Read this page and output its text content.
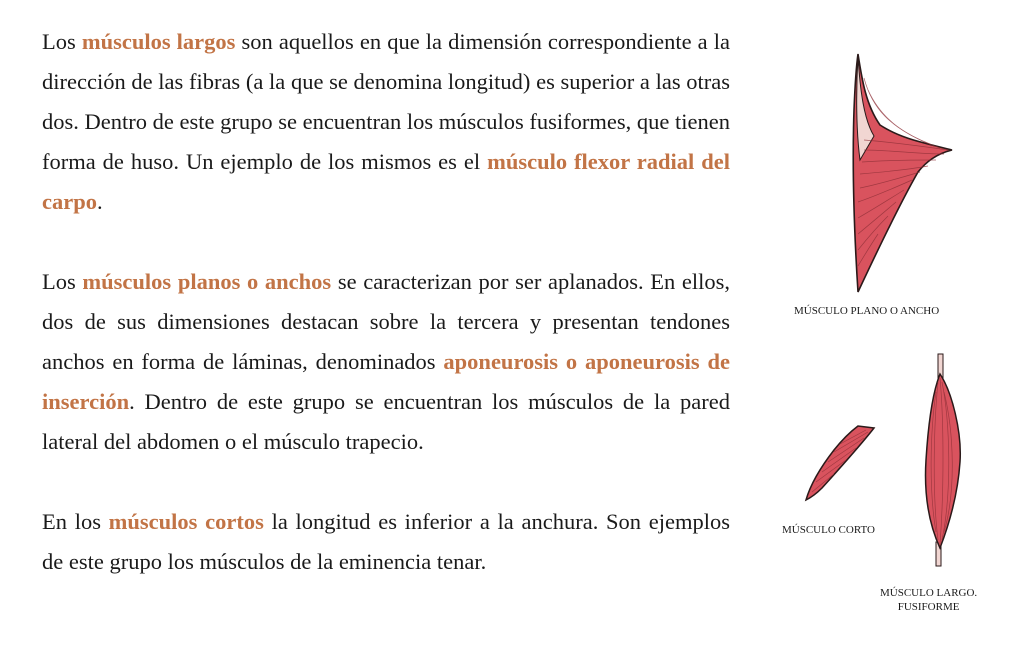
Los músculos largos son aquellos en que la dimensión correspondiente a la dirección de las fibras (a la que se denomina longitud) es superior a las otras dos. Dentro de este grupo se encuentran los músculos fusiformes, que tienen forma de huso. Un ejemplo de los mismos es el músculo flexor radial del carpo.

Los músculos planos o anchos se caracterizan por ser aplanados. En ellos, dos de sus dimensiones destacan sobre la tercera y presentan tendones anchos en forma de láminas, denominados aponeurosis o aponeurosis de inserción. Dentro de este grupo se encuentran los músculos de la pared lateral del abdomen o el músculo trapecio.

En los músculos cortos la longitud es inferior a la anchura. Son ejemplos de este grupo los músculos de la eminencia tenar.

MÚSCULO PLANO O ANCHO
MÚSCULO CORTO
MÚSCULO LARGO.
FUSIFORME
